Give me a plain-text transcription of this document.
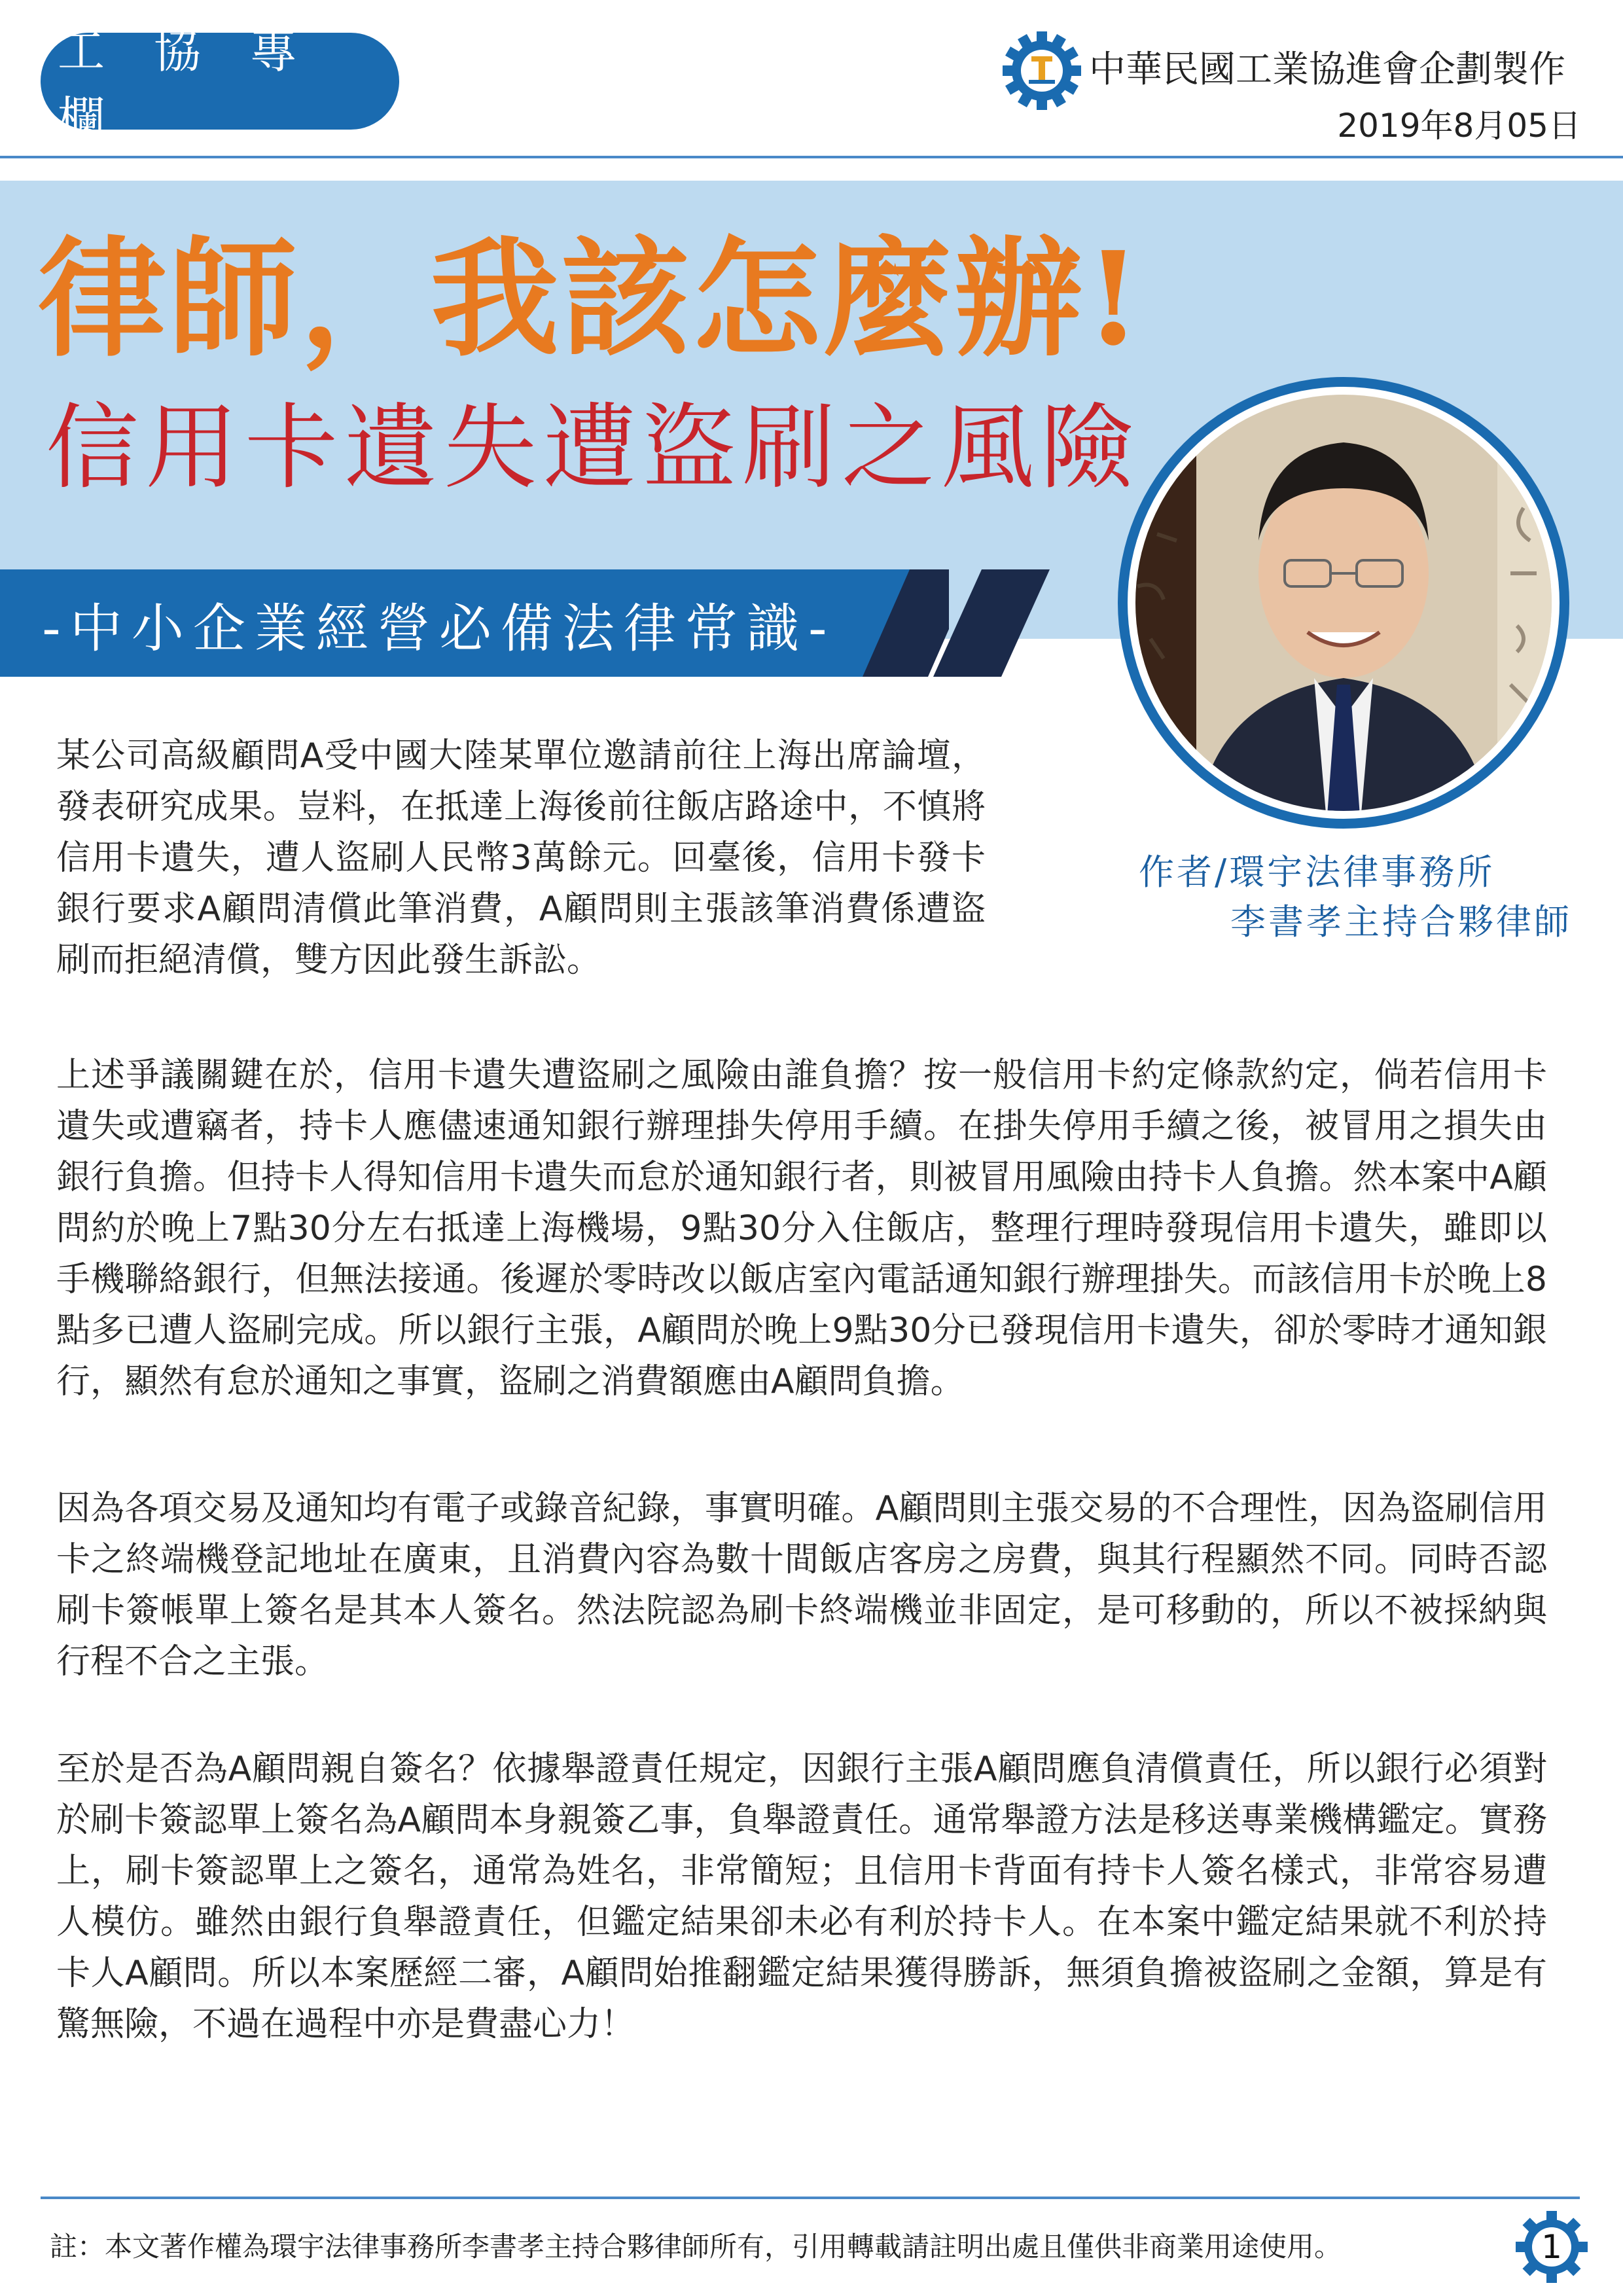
工 協 專 欄
中華民國工業協進會企劃製作
2019年8月05日
律師，我該怎麼辦!
信用卡遺失遭盜刷之風險
-中小企業經營必備法律常識-
作者/環宇法律事務所
李書孝主持合夥律師
某公司高級顧問A受中國大陸某單位邀請前往上海出席論壇，發表研究成果。豈料，在抵達上海後前往飯店路途中，不慎將信用卡遺失，遭人盜刷人民幣3萬餘元。回臺後，信用卡發卡銀行要求A顧問清償此筆消費，A顧問則主張該筆消費係遭盜刷而拒絕清償，雙方因此發生訴訟。
上述爭議關鍵在於，信用卡遺失遭盜刷之風險由誰負擔？按一般信用卡約定條款約定，倘若信用卡遺失或遭竊者，持卡人應儘速通知銀行辦理掛失停用手續。在掛失停用手續之後，被冒用之損失由銀行負擔。但持卡人得知信用卡遺失而怠於通知銀行者，則被冒用風險由持卡人負擔。然本案中A顧問約於晚上7點30分左右抵達上海機場，9點30分入住飯店，整理行理時發現信用卡遺失，雖即以手機聯絡銀行，但無法接通。後遲於零時改以飯店室內電話通知銀行辦理掛失。而該信用卡於晚上8點多已遭人盜刷完成。所以銀行主張，A顧問於晚上9點30分已發現信用卡遺失，卻於零時才通知銀行，顯然有怠於通知之事實，盜刷之消費額應由A顧問負擔。
因為各項交易及通知均有電子或錄音紀錄，事實明確。A顧問則主張交易的不合理性，因為盜刷信用卡之終端機登記地址在廣東，且消費內容為數十間飯店客房之房費，與其行程顯然不同。同時否認刷卡簽帳單上簽名是其本人簽名。然法院認為刷卡終端機並非固定，是可移動的，所以不被採納與行程不合之主張。
至於是否為A顧問親自簽名？依據舉證責任規定，因銀行主張A顧問應負清償責任，所以銀行必須對於刷卡簽認單上簽名為A顧問本身親簽乙事，負舉證責任。通常舉證方法是移送專業機構鑑定。實務上，刷卡簽認單上之簽名，通常為姓名，非常簡短；且信用卡背面有持卡人簽名樣式，非常容易遭人模仿。雖然由銀行負舉證責任，但鑑定結果卻未必有利於持卡人。在本案中鑑定結果就不利於持卡人A顧問。所以本案歷經二審，A顧問始推翻鑑定結果獲得勝訴，無須負擔被盜刷之金額，算是有驚無險，不過在過程中亦是費盡心力！
註：本文著作權為環宇法律事務所李書孝主持合夥律師所有，引用轉載請註明出處且僅供非商業用途使用。	1
